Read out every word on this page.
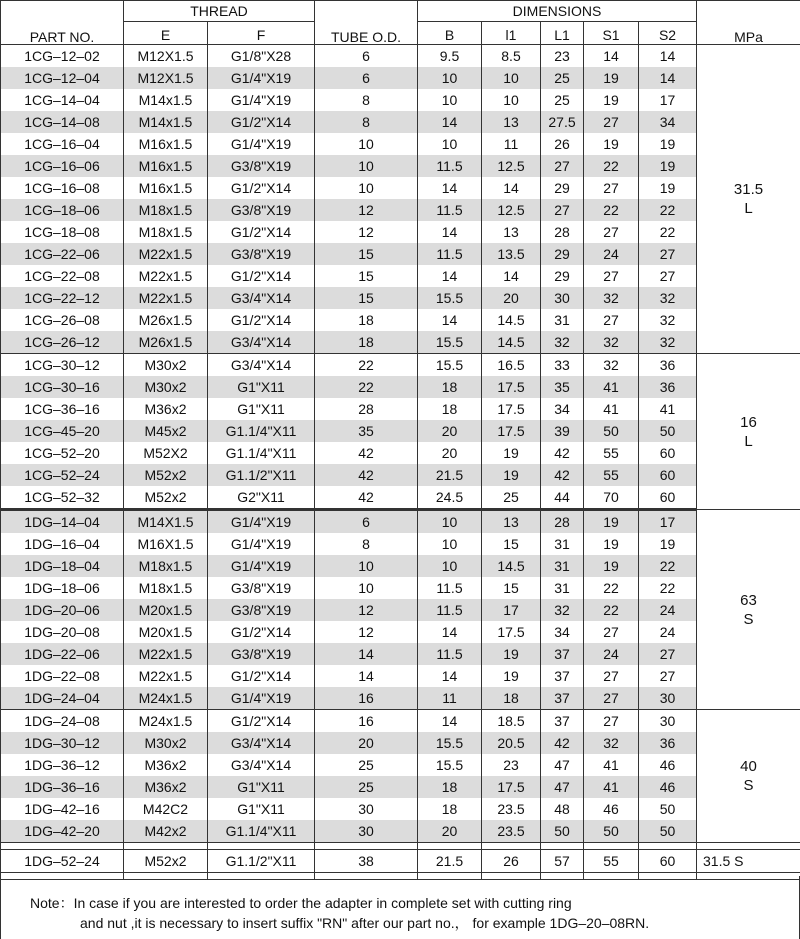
PART NO.	THREAD		TUBE O.D.	DIMENSIONS					MPa
	E	F		B	l1	L1	S1	S2	
1CG–12–02	M12X1.5	G1/8"X28	6	9.5	8.5	23	14	14	31.5
L

1CG–12–04	M12X1.5	G1/4"X19	6	10	10	25	19	14	
1CG–14–04	M14x1.5	G1/4"X19	8	10	10	25	19	17	
1CG–14–08	M14x1.5	G1/2"X14	8	14	13	27.5	27	34	
1CG–16–04	M16x1.5	G1/4"X19	10	10	11	26	19	19	
1CG–16–06	M16x1.5	G3/8"X19	10	11.5	12.5	27	22	19	
1CG–16–08	M16x1.5	G1/2"X14	10	14	14	29	27	19	
1CG–18–06	M18x1.5	G3/8"X19	12	11.5	12.5	27	22	22	
1CG–18–08	M18x1.5	G1/2"X14	12	14	13	28	27	22	
1CG–22–06	M22x1.5	G3/8"X19	15	11.5	13.5	29	24	27	
1CG–22–08	M22x1.5	G1/2"X14	15	14	14	29	27	27	
1CG–22–12	M22x1.5	G3/4"X14	15	15.5	20	30	32	32	
1CG–26–08	M26x1.5	G1/2"X14	18	14	14.5	31	27	32	
1CG–26–12	M26x1.5	G3/4"X14	18	15.5	14.5	32	32	32	
1CG–30–12	M30x2	G3/4"X14	22	15.5	16.5	33	32	36	16
L

1CG–30–16	M30x2	G1"X11	22	18	17.5	35	41	36	
1CG–36–16	M36x2	G1"X11	28	18	17.5	34	41	41	
1CG–45–20	M45x2	G1.1/4"X11	35	20	17.5	39	50	50	
1CG–52–20	M52X2	G1.1/4"X11	42	20	19	42	55	60	
1CG–52–24	M52x2	G1.1/2"X11	42	21.5	19	42	55	60	
1CG–52–32	M52x2	G2"X11	42	24.5	25	44	70	60	
1DG–14–04	M14X1.5	G1/4"X19	6	10	13	28	19	17	63
S

1DG–16–04	M16X1.5	G1/4"X19	8	10	15	31	19	19	
1DG–18–04	M18x1.5	G1/4"X19	10	10	14.5	31	19	22	
1DG–18–06	M18x1.5	G3/8"X19	10	11.5	15	31	22	22	
1DG–20–06	M20x1.5	G3/8"X19	12	11.5	17	32	22	24	
1DG–20–08	M20x1.5	G1/2"X14	12	14	17.5	34	27	24	
1DG–22–06	M22x1.5	G3/8"X19	14	11.5	19	37	24	27	
1DG–22–08	M22x1.5	G1/2"X14	14	14	19	37	27	27	
1DG–24–04	M24x1.5	G1/4"X19	16	11	18	37	27	30	
1DG–24–08	M24x1.5	G1/2"X14	16	14	18.5	37	27	30	40
S

1DG–30–12	M30x2	G3/4"X14	20	15.5	20.5	42	32	36	
1DG–36–12	M36x2	G3/4"X14	25	15.5	23	47	41	46	
1DG–36–16	M36x2	G1"X11	25	18	17.5	47	41	46	
1DG–42–16	M42C2	G1"X11	30	18	23.5	48	46	50	
1DG–42–20	M42x2	G1.1/4"X11	30	20	23.5	50	50	50	

1DG–52–24	M52x2	G1.1/2"X11	38	21.5	26	57	55	60	31.5 S

Note：In case if you are interested to order the adapter in complete set with cutting ring
and nut ,it is necessary to insert suffix "RN" after our part no.， for example 1DG–20–08RN.
